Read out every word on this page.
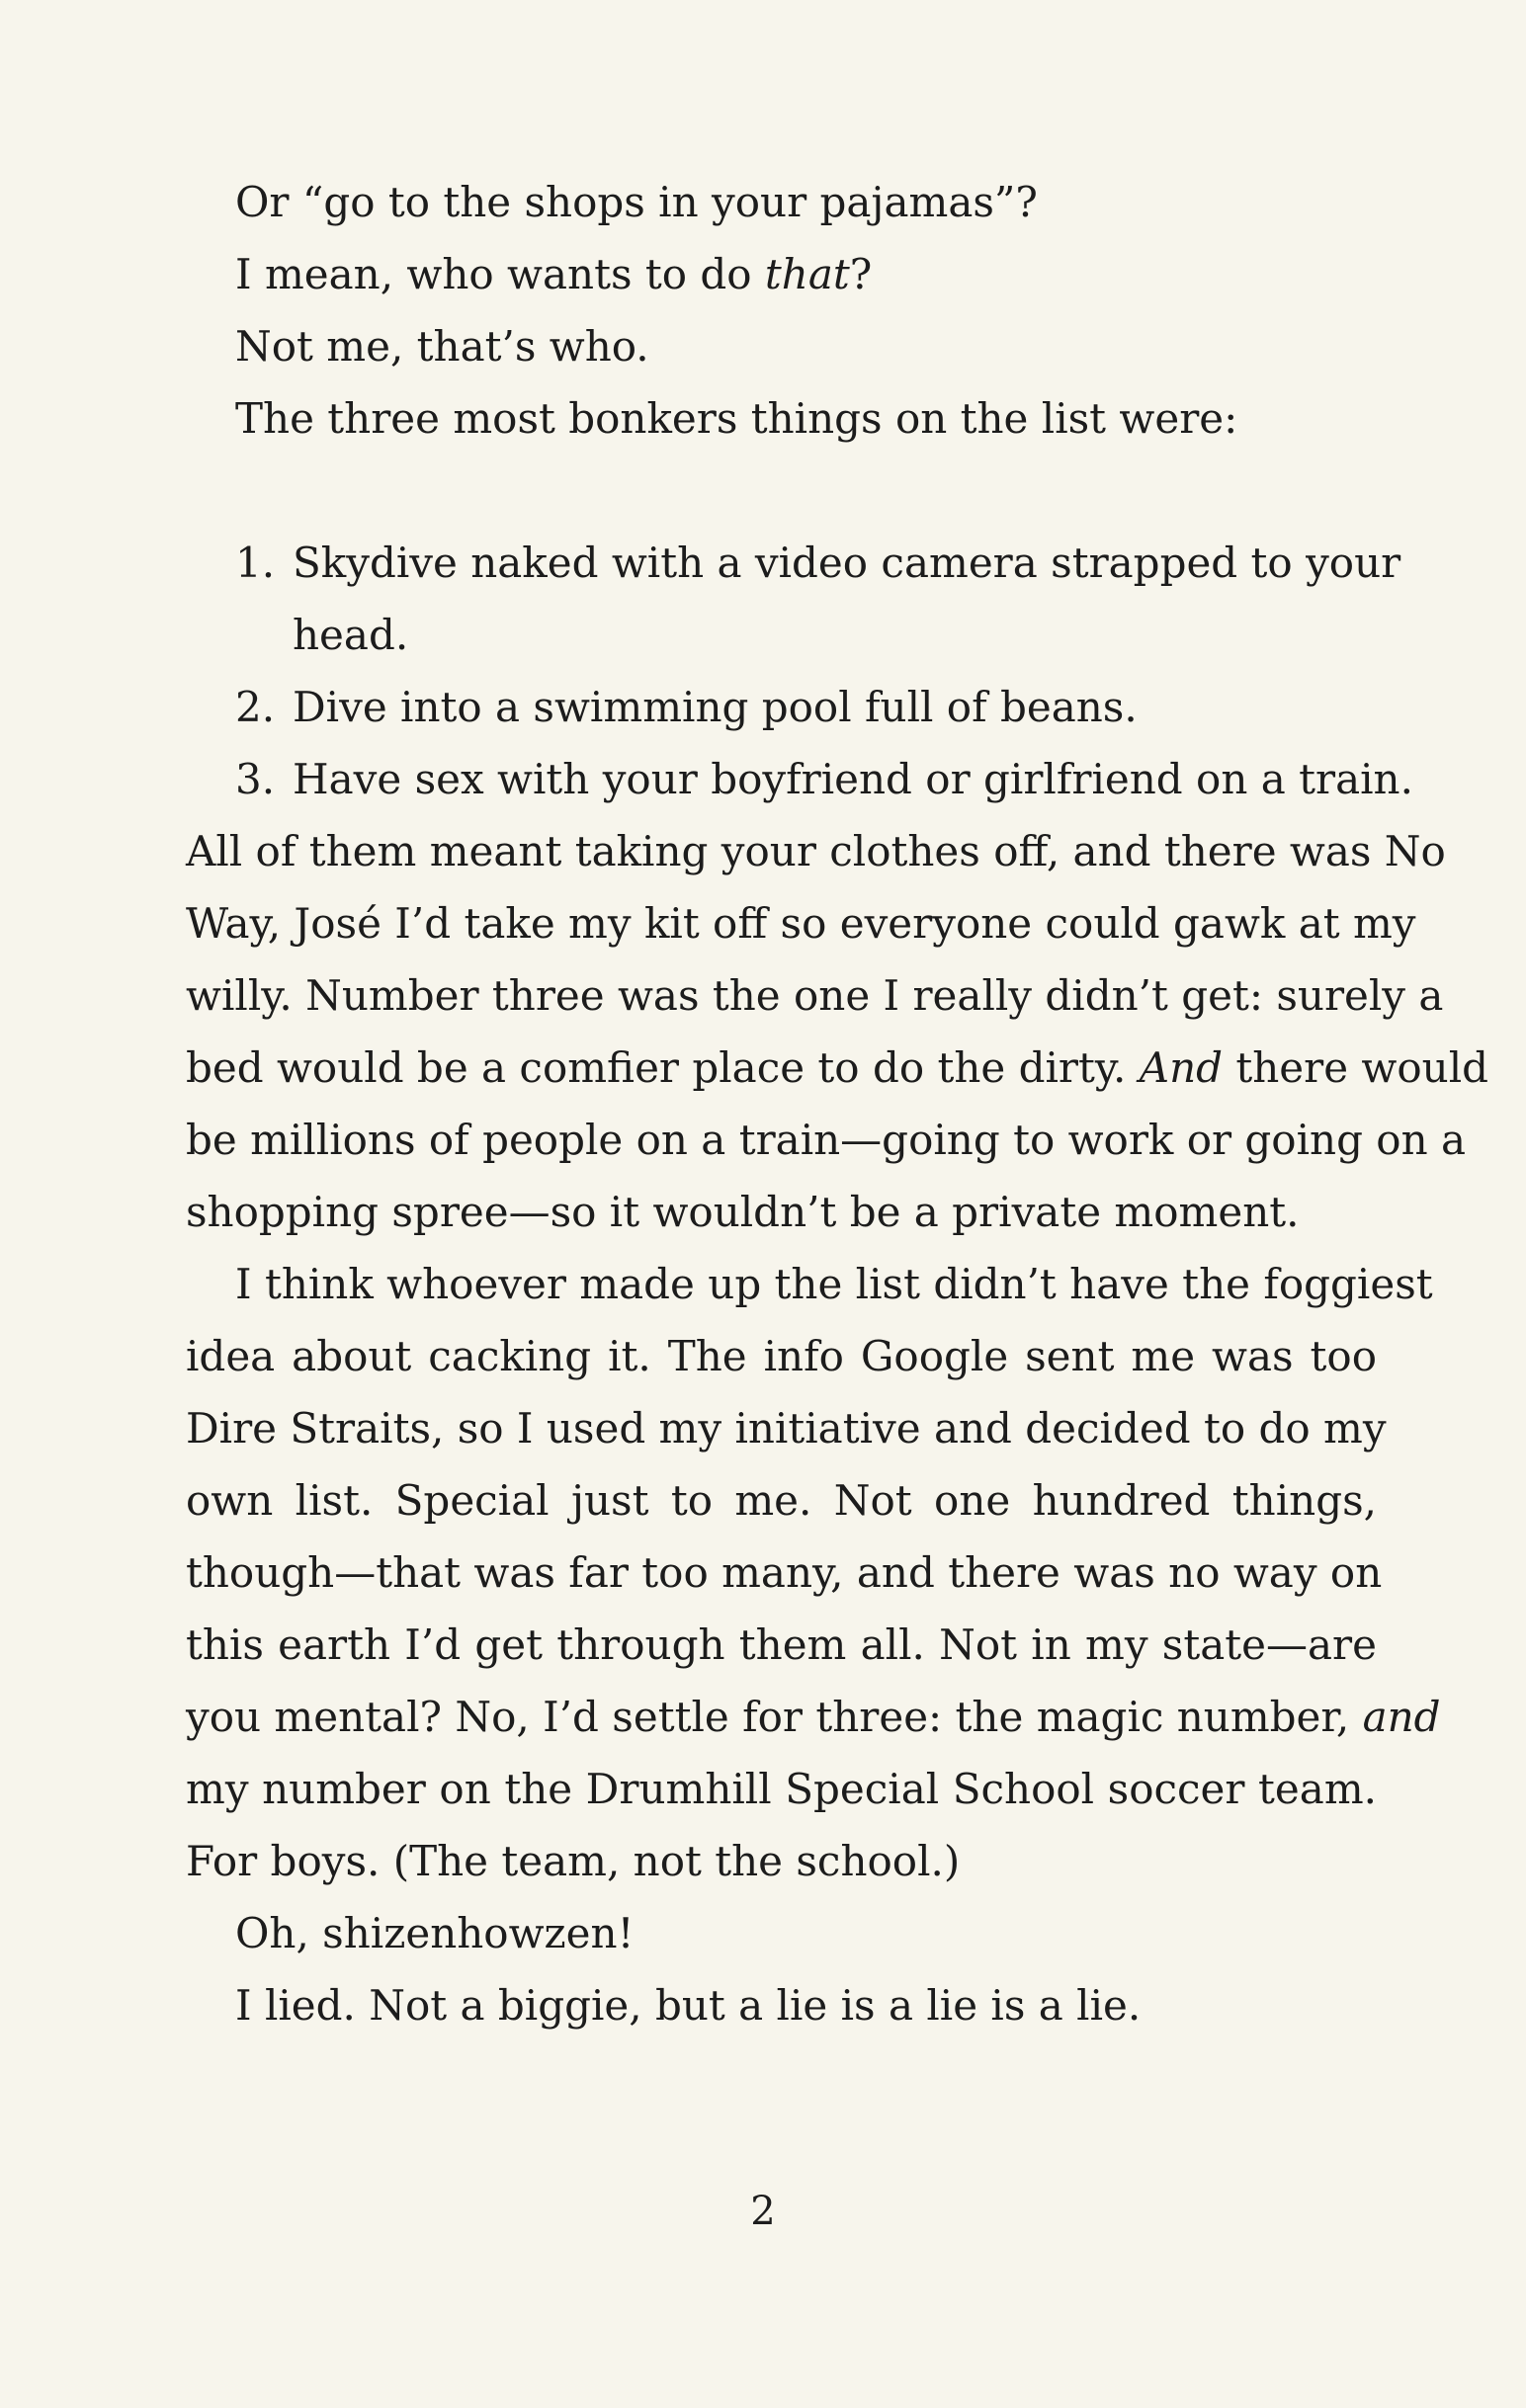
Or “go to the shops in your pajamas”?

I mean, who wants to do that?

Not me, that’s who.

The three most bonkers things on the list were:

1. Skydive naked with a video camera strapped to your
head.
2. Dive into a swimming pool full of beans.
3. Have sex with your boyfriend or girlfriend on a train.
All of them meant taking your clothes off, and there was No
Way, José I’d take my kit off so everyone could gawk at my
willy. Number three was the one I really didn’t get: surely a
bed would be a comfier place to do the dirty. And there would
be millions of people on a train—going to work or going on a
shopping spree—so it wouldn’t be a private moment.
I think whoever made up the list didn’t have the foggiest
idea about cacking it. The info Google sent me was too
Dire Straits, so I used my initiative and decided to do my
own list. Special just to me. Not one hundred things,
though—that was far too many, and there was no way on
this earth I’d get through them all. Not in my state—are
you mental? No, I’d settle for three: the magic number, and
my number on the Drumhill Special School soccer team.
For boys. (The team, not the school.)

Oh, shizenhowzen!

I lied. Not a biggie, but a lie is a lie is a lie.

2
